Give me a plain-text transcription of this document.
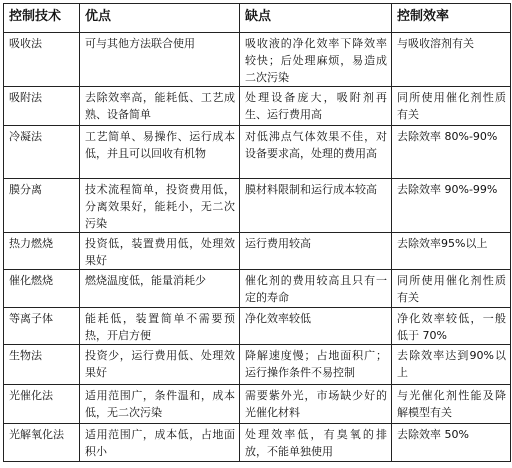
控制技术	优点	缺点	控制效率
吸收法	可与其他方法联合使用	吸收液的净化效率下降效率较快；后处理麻烦，易造成二次污染	与吸收溶剂有关
吸附法	去除效率高，能耗低、工艺成熟、设备简单	处理设备庞大，吸附剂再生、运行费用高	同所使用催化剂性质有关
冷凝法	工艺简单、易操作、运行成本低，并且可以回收有机物	对低沸点气体效果不佳，对设备要求高，处理的费用高	去除效率 80%-90%
膜分离	技术流程简单，投资费用低，分离效果好，能耗小，无二次污染	膜材料限制和运行成本较高	去除效率 90%-99%
热力燃烧	投资低，装置费用低，处理效果好	运行费用较高	去除效率95%以上
催化燃烧	燃烧温度低，能量消耗少	催化剂的费用较高且只有一定的寿命	同所使用催化剂性质有关
等离子体	能耗低，装置简单不需要预热，开启方便	净化效率较低	净化效率较低，一般低于 70%
生物法	投资少，运行费用低、处理效果好	降解速度慢；占地面积广；运行操作条件不易控制	去除效率达到90%以上
光催化法	适用范围广，条件温和，成本低，无二次污染	需要紫外光，市场缺少好的光催化材料	与光催化剂性能及降解模型有关
光解氧化法	适用范围广，成本低，占地面积小	处理效率低，有臭氧的排放，不能单独使用	去除效率 50%
